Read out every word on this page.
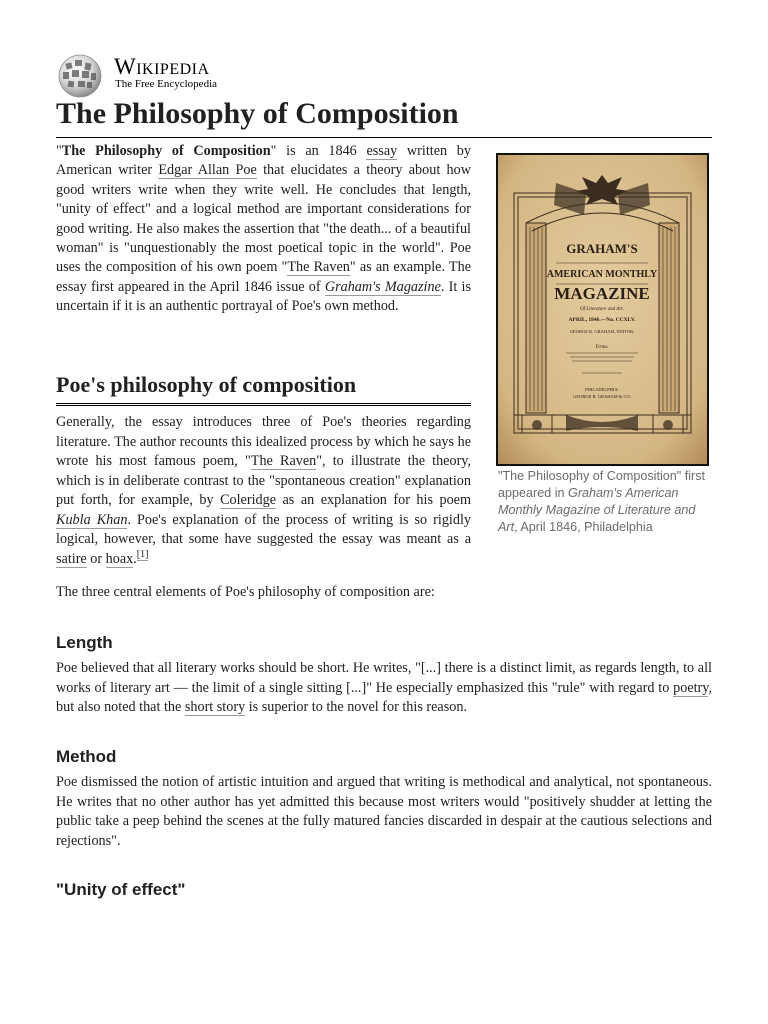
Wikipedia
The Free Encyclopedia
The Philosophy of Composition

"The Philosophy of Composition" is an 1846 essay written by American writer Edgar Allan Poe that elucidates a theory about how good writers write when they write well. He concludes that length, "unity of effect" and a logical method are important considerations for good writing. He also makes the assertion that "the death... of a beautiful woman" is "unquestionably the most poetical topic in the world". Poe uses the composition of his own poem "The Raven" as an example. The essay first appeared in the April 1846 issue of Graham's Magazine. It is uncertain if it is an authentic portrayal of Poe's own method.

Poe's philosophy of composition

Generally, the essay introduces three of Poe's theories regarding literature. The author recounts this idealized process by which he says he wrote his most famous poem, "The Raven", to illustrate the theory, which is in deliberate contrast to the "spontaneous creation" explanation put forth, for example, by Coleridge as an explanation for his poem Kubla Khan. Poe's explanation of the process of writing is so rigidly logical, however, that some have suggested the essay was meant as a satire or hoax.[1]

The three central elements of Poe's philosophy of composition are:

Length

Poe believed that all literary works should be short. He writes, "[...] there is a distinct limit, as regards length, to all works of literary art — the limit of a single sitting [...]" He especially emphasized this "rule" with regard to poetry, but also noted that the short story is superior to the novel for this reason.

Method

Poe dismissed the notion of artistic intuition and argued that writing is methodical and analytical, not spontaneous. He writes that no other author has yet admitted this because most writers would "positively shudder at letting the public take a peep behind the scenes at the fully matured fancies discarded in despair at the cautious selections and rejections".

"Unity of effect"
GRAHAM'S
AMERICAN MONTHLY
MAGAZINE
Of Literature and Art.
APRIL, 1846.—No. CCXLV.
GEORGE R. GRAHAM, EDITOR.
Terms:
PHILADELPHIA:
GEORGE R. GRAHAM & CO.

"The Philosophy of Composition" first appeared in Graham's American Monthly Magazine of Literature and Art, April 1846, Philadelphia
